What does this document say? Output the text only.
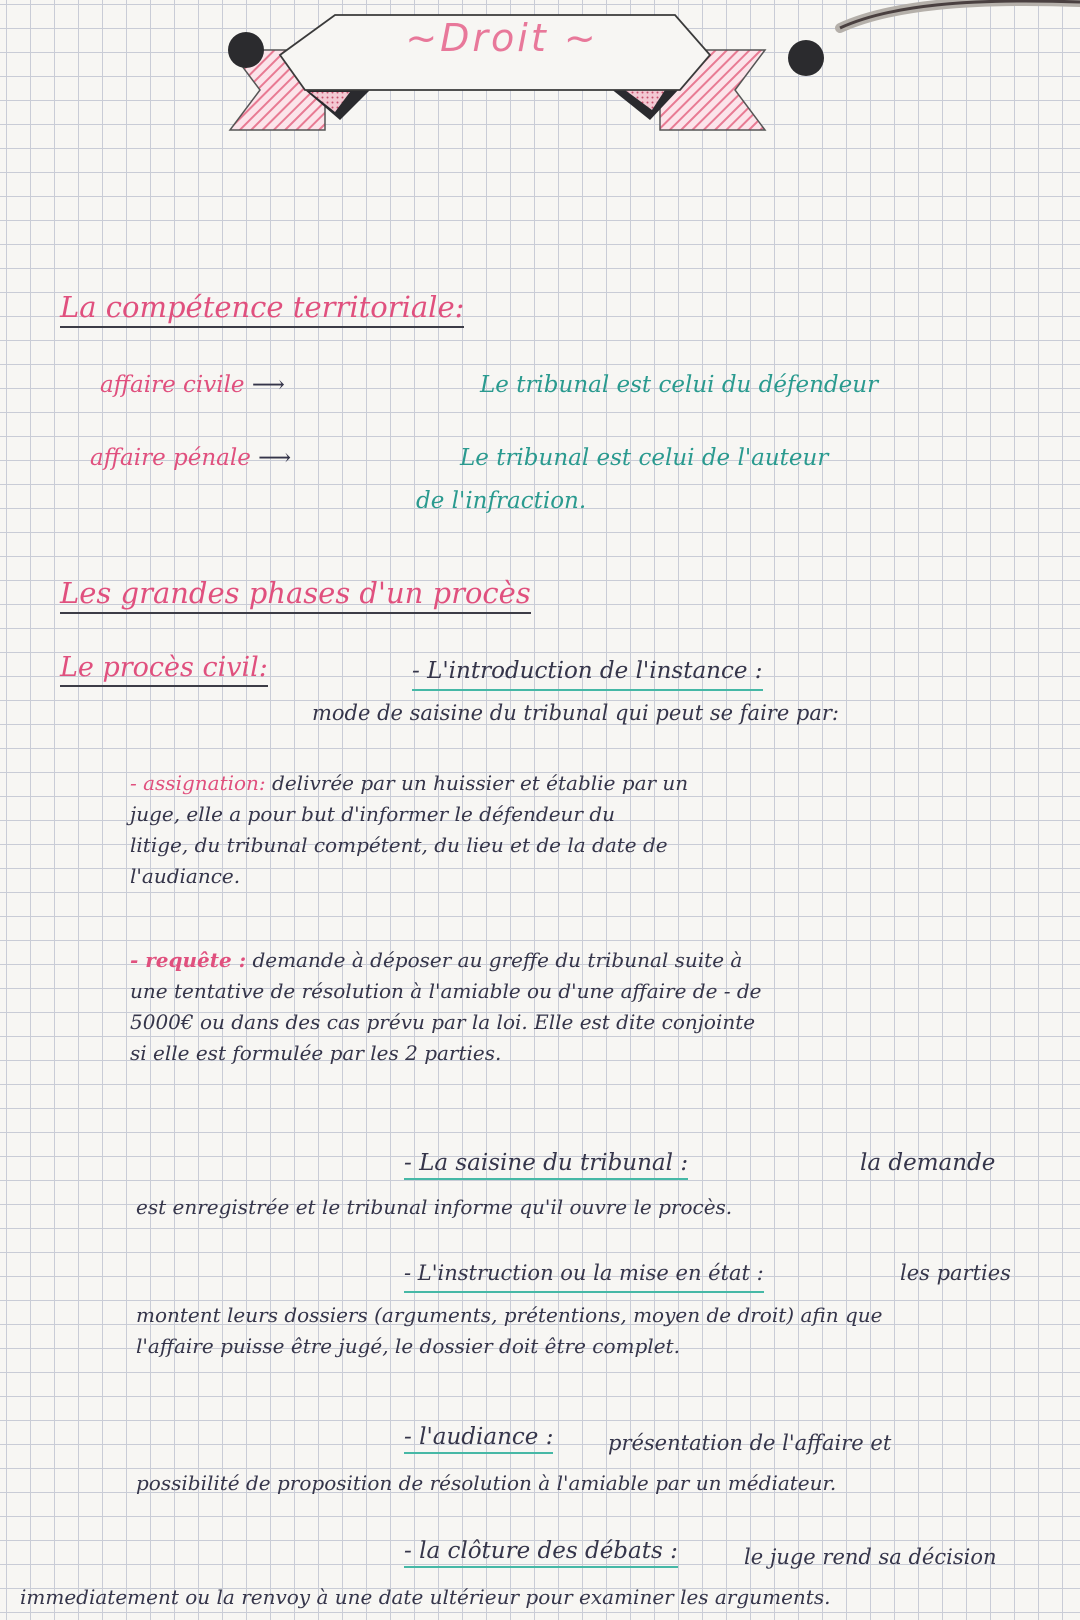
~Droit ~
La compétence territoriale:
affaire civile ⟶	Le tribunal est celui du défendeur
affaire pénale ⟶	Le tribunal est celui de l'auteur
de l'infraction.
Les grandes phases d'un procès
Le procès civil:	- L'introduction de l'instance :
mode de saisine du tribunal qui peut se faire par:
- assignation: delivrée par un huissier et établie par un
juge, elle a pour but d'informer le défendeur du
litige, du tribunal compétent, du lieu et de la date de
l'audiance.
- requête : demande à déposer au greffe du tribunal suite à
une tentative de résolution à l'amiable ou d'une affaire de - de
5000€ ou dans des cas prévu par la loi. Elle est dite conjointe
si elle est formulée par les 2 parties.
- La saisine du tribunal :	la demande
est enregistrée et le tribunal informe qu'il ouvre le procès.
- L'instruction ou la mise en état :	les parties
montent leurs dossiers (arguments, prétentions, moyen de droit) afin que
l'affaire puisse être jugé, le dossier doit être complet.
- l'audiance :	présentation de l'affaire et
possibilité de proposition de résolution à l'amiable par un médiateur.
- la clôture des débats :	le juge rend sa décision
immediatement ou la renvoy à une date ultérieur pour examiner les arguments.
